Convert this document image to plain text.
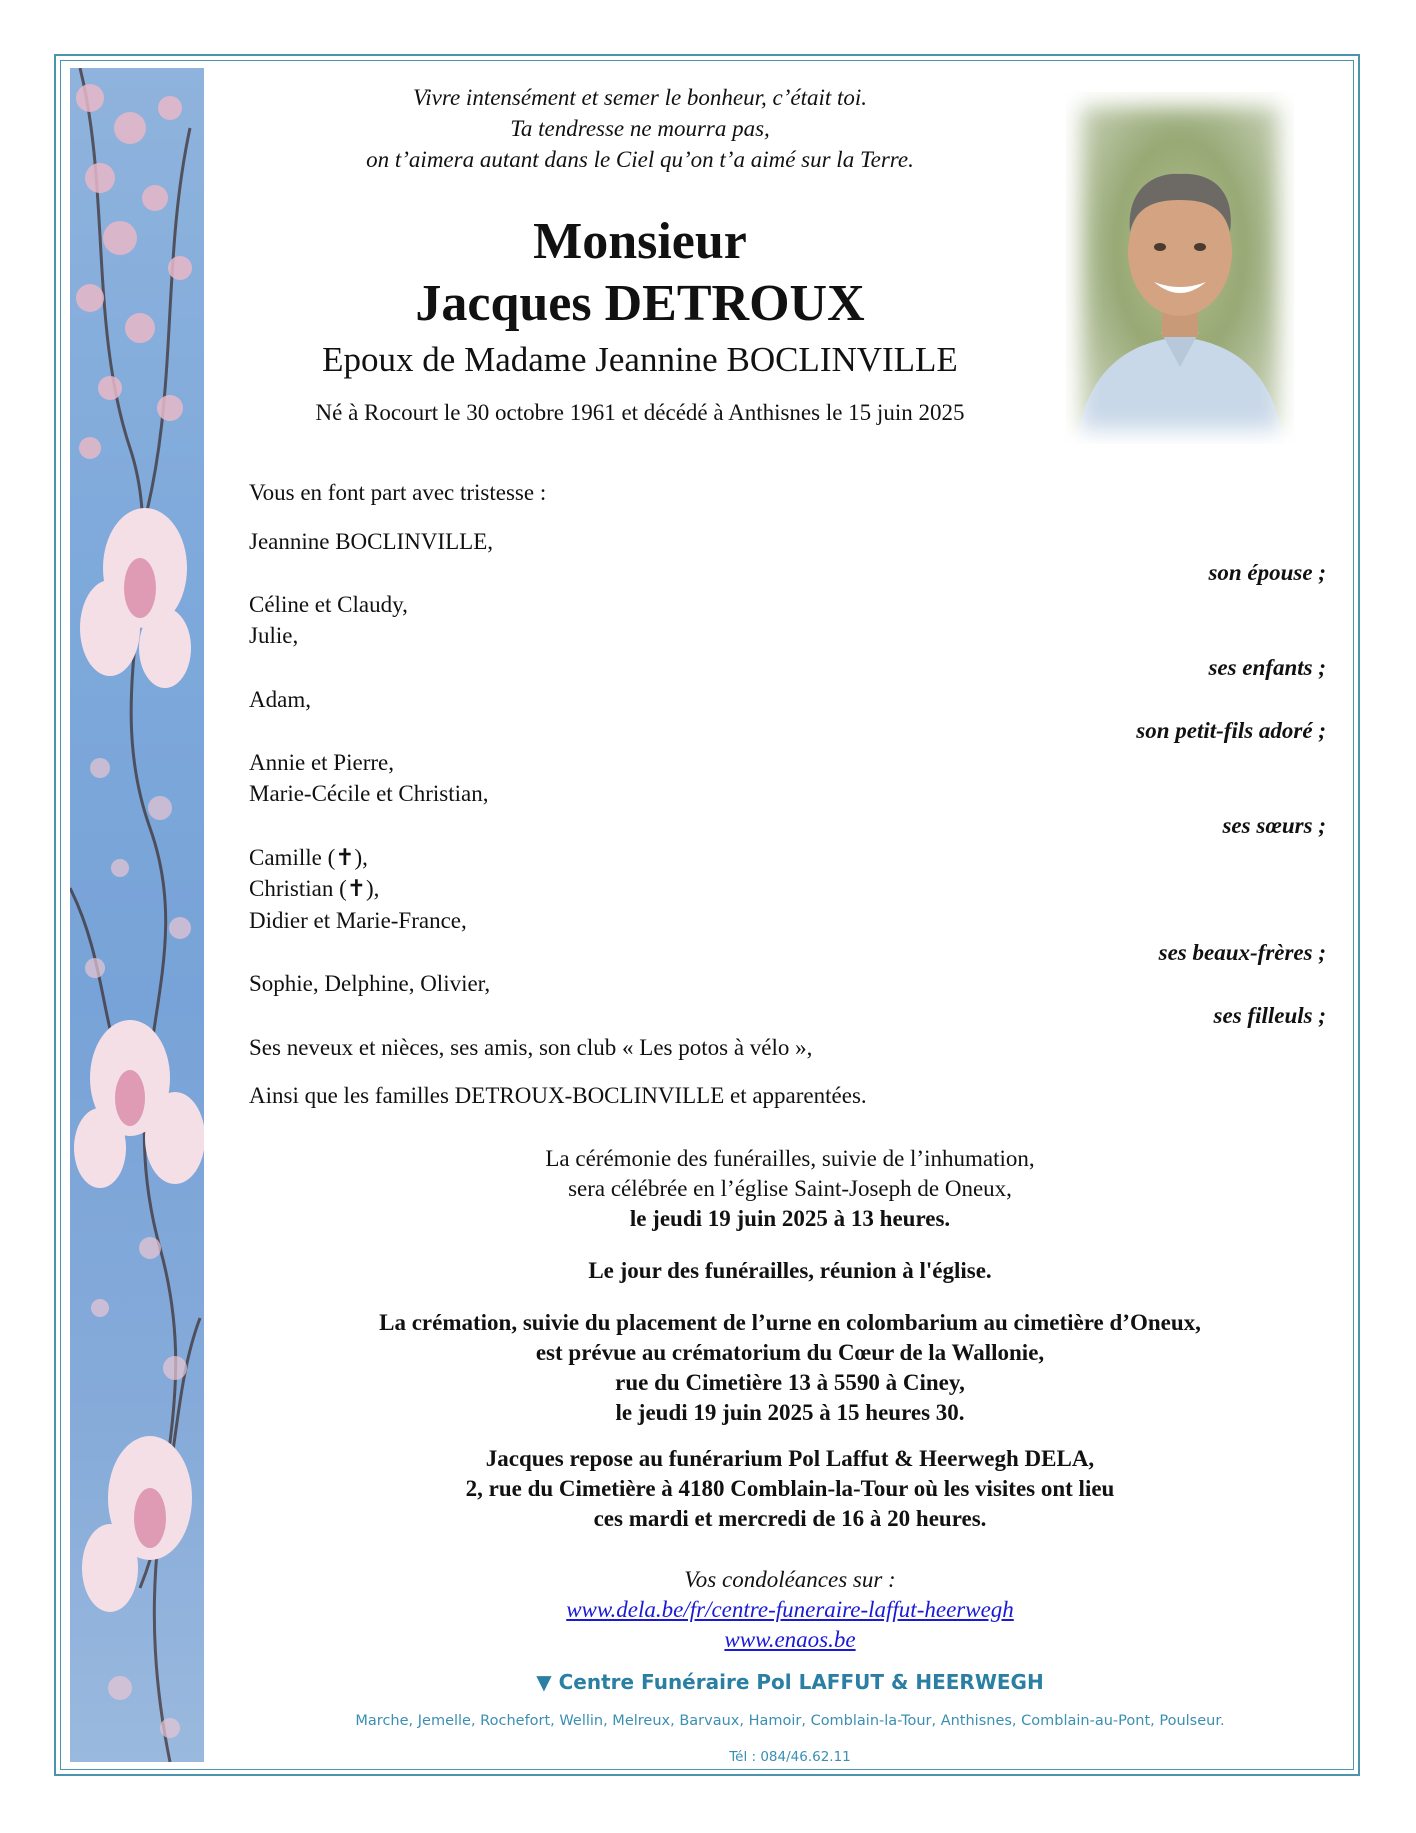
Vivre intensément et semer le bonheur, c’était toi.
Ta tendresse ne mourra pas,
on t’aimera autant dans le Ciel qu’on t’a aimé sur la Terre.
Monsieur
Jacques DETROUX
Epoux de Madame Jeannine BOCLINVILLE
Né à Rocourt le 30 octobre 1961 et décédé à Anthisnes le 15 juin 2025
Vous en font part avec tristesse :
Jeannine BOCLINVILLE,
son épouse ;
Céline et Claudy,
Julie,
ses enfants ;
Adam,
son petit-fils adoré ;
Annie et Pierre,
Marie-Cécile et Christian,
ses sœurs ;
Camille (✝),
Christian (✝),
Didier et Marie-France,
ses beaux-frères ;
Sophie, Delphine, Olivier,
ses filleuls ;
Ses neveux et nièces, ses amis, son club « Les potos à vélo »,
Ainsi que les familles DETROUX-BOCLINVILLE et apparentées.
La cérémonie des funérailles, suivie de l’inhumation,
sera célébrée en l’église Saint-Joseph de Oneux,
le jeudi 19 juin 2025 à 13 heures.
Le jour des funérailles, réunion à l'église.
La crémation, suivie du placement de l’urne en colombarium au cimetière d’Oneux,
est prévue au crématorium du Cœur de la Wallonie,
rue du Cimetière 13 à 5590 à Ciney,
le jeudi 19 juin 2025 à 15 heures 30.
Jacques repose au funérarium Pol Laffut & Heerwegh DELA,
2, rue du Cimetière à 4180 Comblain-la-Tour où les visites ont lieu
ces mardi et mercredi de 16 à 20 heures.
Vos condoléances sur :
www.dela.be/fr/centre-funeraire-laffut-heerwegh
www.enaos.be
▼ Centre Funéraire Pol LAFFUT & HEERWEGH
Marche, Jemelle, Rochefort, Wellin, Melreux, Barvaux, Hamoir, Comblain-la-Tour, Anthisnes, Comblain-au-Pont, Poulseur.
Tél : 084/46.62.11
